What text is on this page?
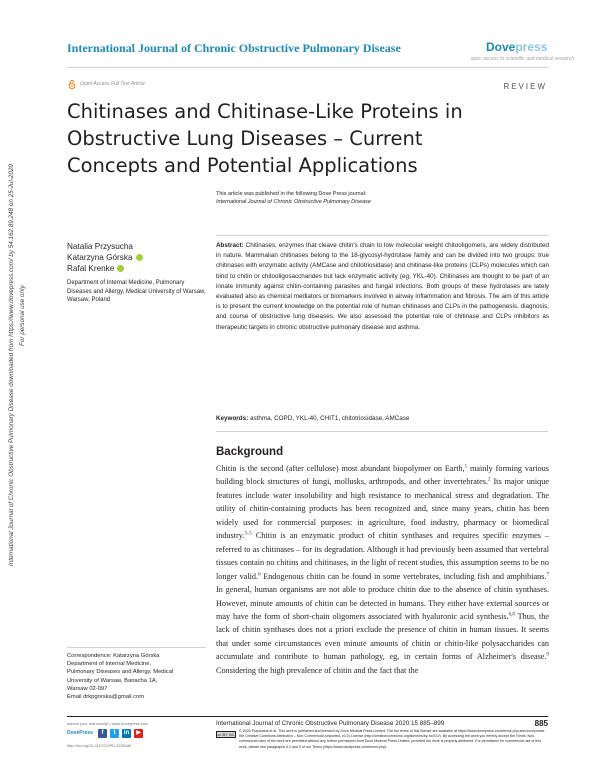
International Journal of Chronic Obstructive Pulmonary Disease	Dovepress
open access to scientific and medical research
Open Access Full Text Article	REVIEW
Chitinases and Chitinase-Like Proteins in Obstructive Lung Diseases – Current Concepts and Potential Applications
This article was published in the following Dove Press journal:
International Journal of Chronic Obstructive Pulmonary Disease
Natalia Przysucha
Katarzyna Górska
Rafal Krenke
Department of Internal Medicine, Pulmonary Diseases and Allergy, Medical University of Warsaw, Warsaw, Poland
Abstract: Chitinases, enzymes that cleave chitin's chain to low molecular weight chitooligomers, are widely distributed in nature. Mammalian chitinases belong to the 18-glycosyl-hydrolase family and can be divided into two groups: true chitinases with enzymatic activity (AMCase and chitotriosidase) and chitinase-like proteins (CLPs) molecules which can bind to chitin or chitooligosaccharides but lack enzymatic activity (eg, YKL-40). Chitinases are thought to be part of an innate immunity against chitin-containing parasites and fungal infections. Both groups of these hydrolases are lately evaluated also as chemical mediators or biomarkers involved in airway inflammation and fibrosis. The aim of this article is to present the current knowledge on the potential role of human chitinases and CLPs in the pathogenesis, diagnosis, and course of obstructive lung diseases. We also assessed the potential role of chitinase and CLPs inhibitors as therapeutic targets in chronic obstructive pulmonary disease and asthma.
Keywords: asthma, COPD, YKL-40, CHIT1, chitotriosidase, AMCase
Background

Chitin is the second (after cellulose) most abundant biopolymer on Earth,$^1$ mainly forming various building block structures of fungi, mollusks, arthropods, and other invertebrates.$^2$ Its major unique features include water insolubility and high resistance to mechanical stress and degradation. The utility of chitin-containing products has been recognized and, since many years, chitin has been widely used for commercial purposes: in agriculture, food industry, pharmacy or biomedical industry.$^{3-5}$ Chitin is an enzymatic product of chitin synthases and requires specific enzymes – referred to as chitinases – for its degradation. Although it had previously been assumed that vertebral tissues contain no chitins and chitinases, in the light of recent studies, this assumption seems to be no longer valid.$^6$ Endogenous chitin can be found in some vertebrates, including fish and amphibians.$^7$ In general, human organisms are not able to produce chitin due to the absence of chitin synthases. However, minute amounts of chitin can be detected in humans. They either have external sources or may have the form of short-chain oligomers associated with hyaluronic acid synthesis.$^{6,8}$ Thus, the lack of chitin synthases does not a priori exclude the presence of chitin in human tissues. It seems that under some circumstances even minute amounts of chitin or chitin-like polysaccharides can accumulate and contribute to human pathology, eg, in certain forms of Alzheimer's disease.$^9$ Considering the high prevalence of chitin and the fact that the

Correspondence: Katarzyna Górska
Department of Internal Medicine,
Pulmonary Diseases and Allergy, Medical
University of Warsaw, Banacha 1A,
Warsaw 02-097
Email drkpgorska@gmail.com
International Journal of Chronic Obstructive Pulmonary Disease downloaded from https://www.dovepress.com/ by 54.162.89.248 on 25-Jul-2020 For personal use only.
submit your manuscript | www.dovepress.com
DovePress	f	t	in	▶
http://doi.org/10.2147/COPD.S235446
International Journal of Chronic Obstructive Pulmonary Disease 2020:15 885–899	885
cc BY NC
© 2020 Przysucha et al. This work is published and licensed by Dove Medical Press Limited. The full terms of this license are available at https://www.dovepress.com/terms.php and incorporate the Creative Commons Attribution – Non Commercial (unported, v3.0) License (http://creativecommons.org/licenses/by-nc/3.0/). By accessing the work you hereby accept the Terms. Non-commercial uses of the work are permitted without any further permission from Dove Medical Press Limited, provided the work is properly attributed. For permission for commercial use of this work, please see paragraphs 4.2 and 5 of our Terms (https://www.dovepress.com/terms.php).
